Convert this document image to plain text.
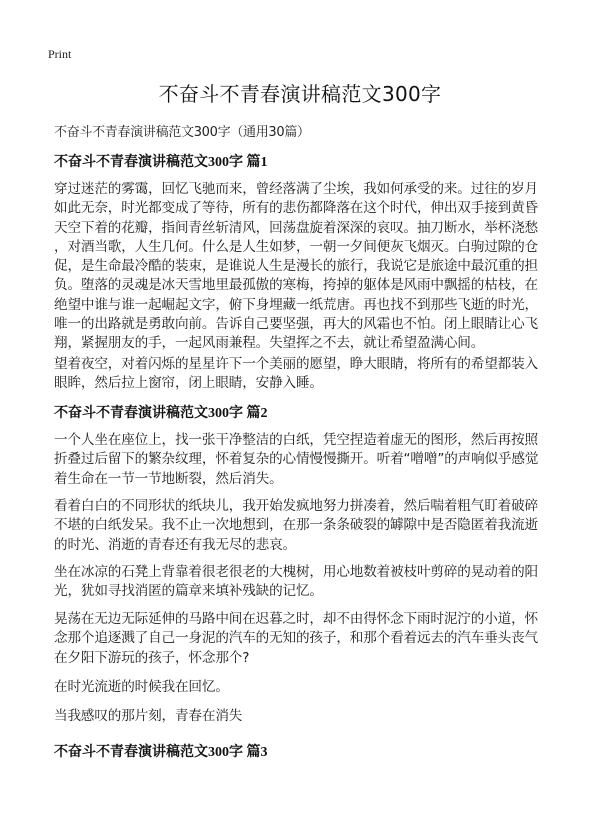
Print
不奋斗不青春演讲稿范文300字
不奋斗不青春演讲稿范文300字（通用30篇）
不奋斗不青春演讲稿范文300字 篇1
穿过迷茫的雾霭，回忆飞驰而来，曾经落满了尘埃，我如何承受的来。过往的岁月
如此无奈，时光都变成了等待，所有的悲伤都降落在这个时代，伸出双手接到黄昏
天空下着的花瓣，指间青丝斩清风，回荡盘旋着深深的哀叹。抽刀断水，举杯浇愁
，对酒当歌，人生几何。什么是人生如梦，一朝一夕间便灰飞烟灭。白驹过隙的仓
促，是生命最冷酷的装束，是谁说人生是漫长的旅行，我说它是旅途中最沉重的担
负。堕落的灵魂是冰天雪地里最孤傲的寒梅，挎掉的躯体是风雨中飘摇的枯枝，在
绝望中谁与谁一起崛起文字，俯下身埋藏一纸荒唐。再也找不到那些飞逝的时光，
唯一的出路就是勇敢向前。告诉自己要坚强，再大的风霜也不怕。闭上眼睛让心飞
翔，紧握朋友的手，一起风雨兼程。失望挥之不去，就让希望盈满心间。
望着夜空，对着闪烁的星星许下一个美丽的愿望，睁大眼睛，将所有的希望都装入
眼眸，然后拉上窗帘，闭上眼睛，安静入睡。
不奋斗不青春演讲稿范文300字 篇2
一个人坐在座位上，找一张干净整洁的白纸，凭空捏造着虚无的图形，然后再按照
折叠过后留下的繁杂纹理，怀着复杂的心情慢慢撕开。听着“噌噌”的声响似乎感觉
着生命在一节一节地断裂，然后消失。
看着白白的不同形状的纸块儿，我开始发疯地努力拼凑着，然后喘着粗气盯着破碎
不堪的白纸发呆。我不止一次地想到，在那一条条破裂的罅隙中是否隐匿着我流逝
的时光、消逝的青春还有我无尽的悲哀。
坐在冰凉的石凳上背靠着很老很老的大槐树，用心地数着被枝叶剪碎的晃动着的阳
光，犹如寻找消匿的篇章来填补残缺的记忆。
晃荡在无边无际延伸的马路中间在迟暮之时，却不由得怀念下雨时泥泞的小道，怀
念那个追逐溅了自己一身泥的汽车的无知的孩子，和那个看着远去的汽车垂头丧气
在夕阳下游玩的孩子，怀念那个?
在时光流逝的时候我在回忆。
当我感叹的那片刻，青春在消失
不奋斗不青春演讲稿范文300字 篇3
